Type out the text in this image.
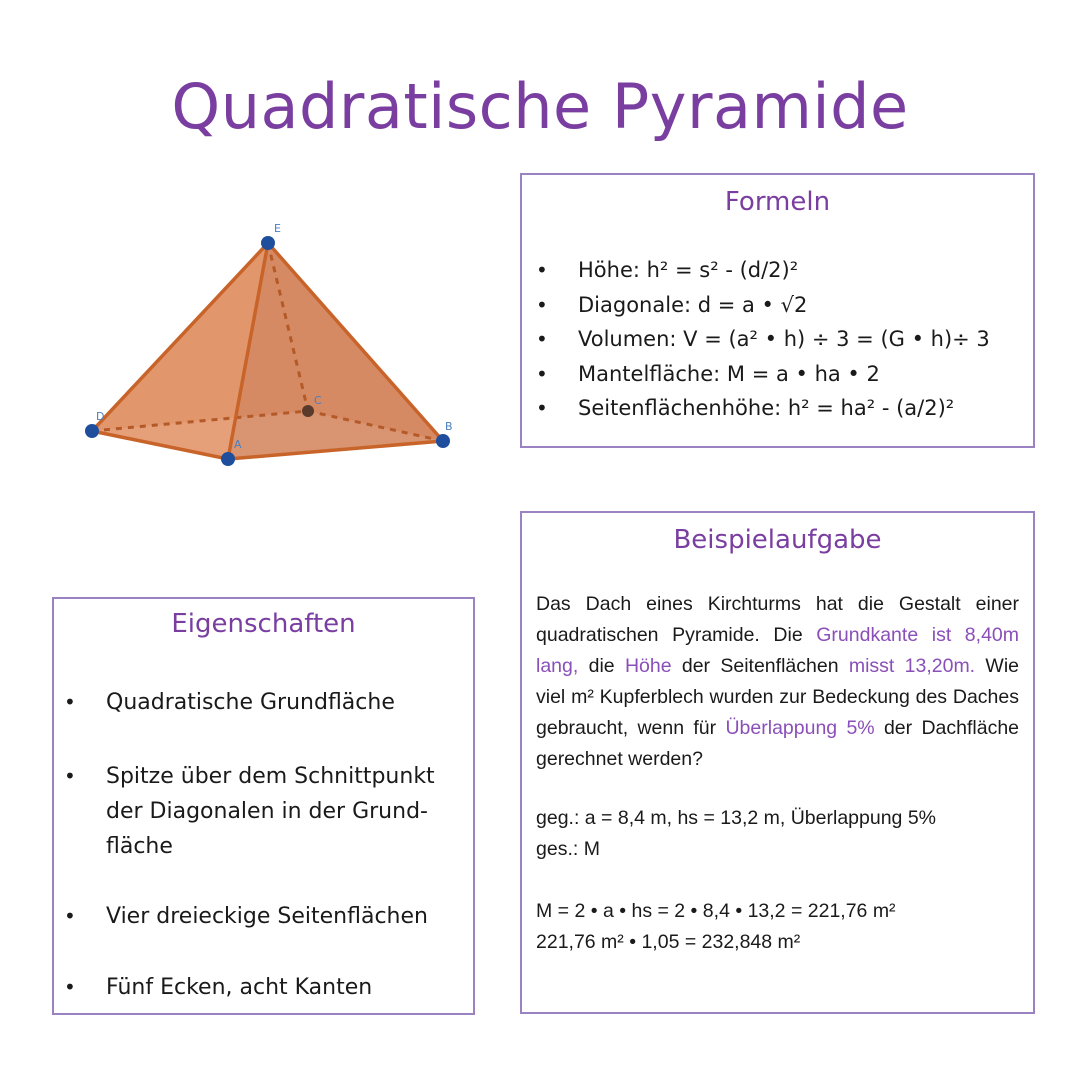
Quadratische Pyramide
E
C
D
A
B
Formeln
• Höhe: h² = s² - (d/2)²
• Diagonale: d = a • √2
• Volumen: V = (a² • h) ÷ 3 = (G • h)÷ 3
• Mantelfläche: M = a • ha • 2
• Seitenflächenhöhe: h² = ha² - (a/2)²
Beispielaufgabe
Das Dach eines Kirchturms hat die Gestalt einer quadratischen Pyramide. Die Grundkante ist 8,40m lang, die Höhe der Seitenflächen misst 13,20m. Wie viel m² Kupferblech wurden zur Bedeckung des Daches gebraucht, wenn für Überlappung 5% der Dachfläche gerechnet werden?
geg.: a = 8,4 m, hs = 13,2 m, Überlappung 5%
ges.: M
M = 2 • a • hs = 2 • 8,4 • 13,2 = 221,76 m²
221,76 m² • 1,05 = 232,848 m²
Eigenschaften
• Quadratische Grundfläche
• Spitze über dem Schnittpunkt der Diagonalen in der Grund-fläche
• Vier dreieckige Seitenflächen
• Fünf Ecken, acht Kanten
